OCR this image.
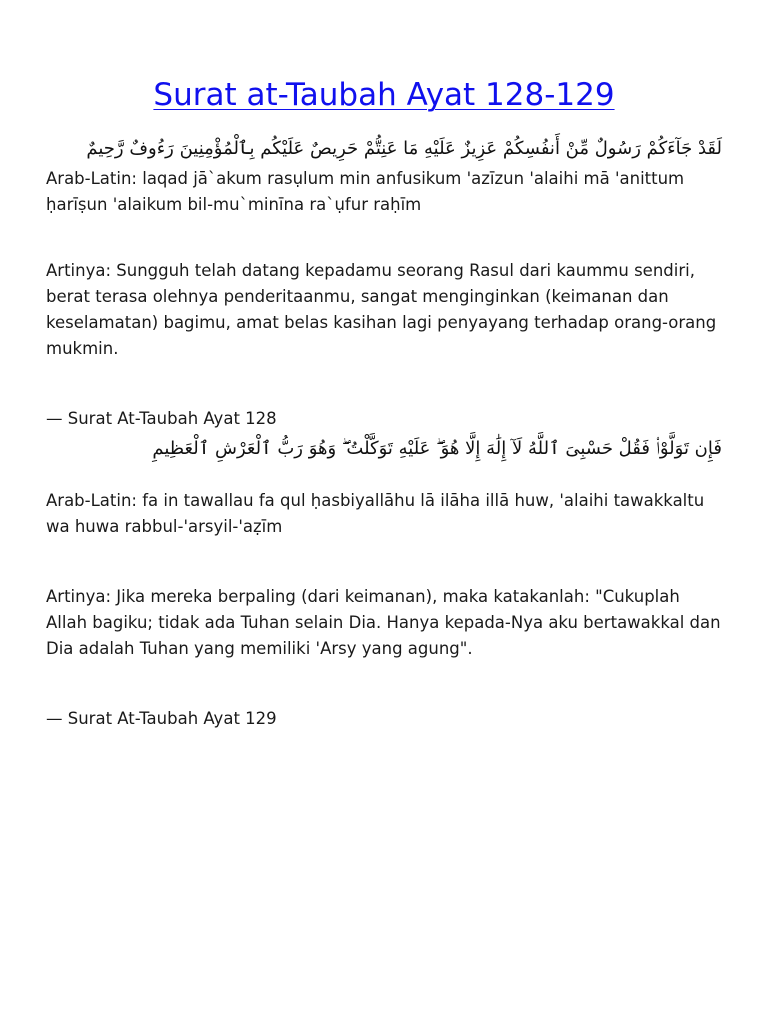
Surat at-Taubah Ayat 128-129

لَقَدْ جَآءَكُمْ رَسُولٌ مِّنْ أَنفُسِكُمْ عَزِيزٌ عَلَيْهِ مَا عَنِتُّمْ حَرِيصٌ عَلَيْكُم بِٱلْمُؤْمِنِينَ رَءُوفٌ رَّحِيمٌ

Arab-Latin: laqad jā`akum rasụlum min anfusikum 'azīzun 'alaihi mā 'anittum ḥarīṣun 'alaikum bil-mu`minīna ra`ụfur raḥīm

Artinya: Sungguh telah datang kepadamu seorang Rasul dari kaummu sendiri, berat terasa olehnya penderitaanmu, sangat menginginkan (keimanan dan keselamatan) bagimu, amat belas kasihan lagi penyayang terhadap orang-orang mukmin.

— Surat At-Taubah Ayat 128

فَإِن تَوَلَّوْا۟ فَقُلْ حَسْبِىَ ٱللَّهُ لَآ إِلَٰهَ إِلَّا هُوَ ۖ عَلَيْهِ تَوَكَّلْتُ ۖ وَهُوَ رَبُّ ٱلْعَرْشِ ٱلْعَظِيمِ

Arab-Latin: fa in tawallau fa qul ḥasbiyallāhu lā ilāha illā huw, 'alaihi tawakkaltu wa huwa rabbul-'arsyil-'aẓīm

Artinya: Jika mereka berpaling (dari keimanan), maka katakanlah: "Cukuplah Allah bagiku; tidak ada Tuhan selain Dia. Hanya kepada-Nya aku bertawakkal dan Dia adalah Tuhan yang memiliki 'Arsy yang agung".

— Surat At-Taubah Ayat 129
